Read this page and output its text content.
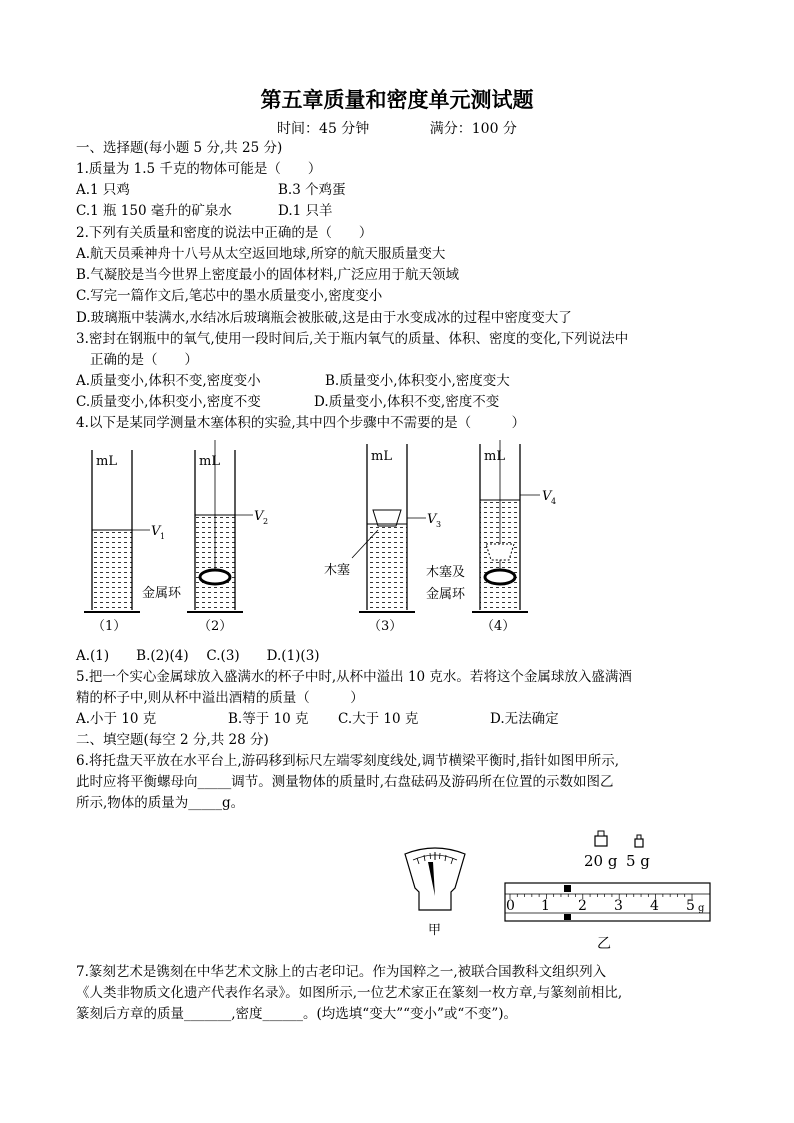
第五章质量和密度单元测试题
时间：45 分钟	满分：100 分
一、选择题(每小题 5 分,共 25 分)
1.质量为 1.5 千克的物体可能是（　　）
A.1 只鸡	B.3 个鸡蛋
C.1 瓶 150 毫升的矿泉水	D.1 只羊
2.下列有关质量和密度的说法中正确的是（　　）
A.航天员乘神舟十八号从太空返回地球,所穿的航天服质量变大
B.气凝胶是当今世界上密度最小的固体材料,广泛应用于航天领域
C.写完一篇作文后,笔芯中的墨水质量变小,密度变小
D.玻璃瓶中装满水,水结冰后玻璃瓶会被胀破,这是由于水变成冰的过程中密度变大了
3.密封在钢瓶中的氧气,使用一段时间后,关于瓶内氧气的质量、体积、密度的变化,下列说法中
正确的是（　　）
A.质量变小,体积不变,密度变小	B.质量变小,体积变小,密度变大
C.质量变小,体积变小,密度不变	D.质量变小,体积不变,密度不变
4.以下是某同学测量木塞体积的实验,其中四个步骤中不需要的是（　　　）
mL
V 1
（1）
mL
V 2
金属环
（2）
mL
V 3
木塞
（3）
mL
V 4
木塞及
金属环
（4）
A.(1)　　B.(2)(4)　 C.(3)　　D.(1)(3)
5.把一个实心金属球放入盛满水的杯子中时,从杯中溢出 10 克水。若将这个金属球放入盛满酒
精的杯子中,则从杯中溢出酒精的质量（　　　）
A.小于 10 克	B.等于 10 克 C.大于 10 克	D.无法确定
二、填空题(每空 2 分,共 28 分)
6.将托盘天平放在水平台上,游码移到标尺左端零刻度线处,调节横梁平衡时,指针如图甲所示,
此时应将平衡螺母向_____调节。测量物体的质量时,右盘砝码及游码所在位置的示数如图乙
所示,物体的质量为_____g。
甲
20 g 5 g
0 1 2 3 4 5 g
乙
7.篆刻艺术是镌刻在中华艺术文脉上的古老印记。作为国粹之一,被联合国教科文组织列入
《人类非物质文化遗产代表作名录》。如图所示,一位艺术家正在篆刻一枚方章,与篆刻前相比,
篆刻后方章的质量_______,密度______。(均选填“变大”“变小”或“不变”)。
